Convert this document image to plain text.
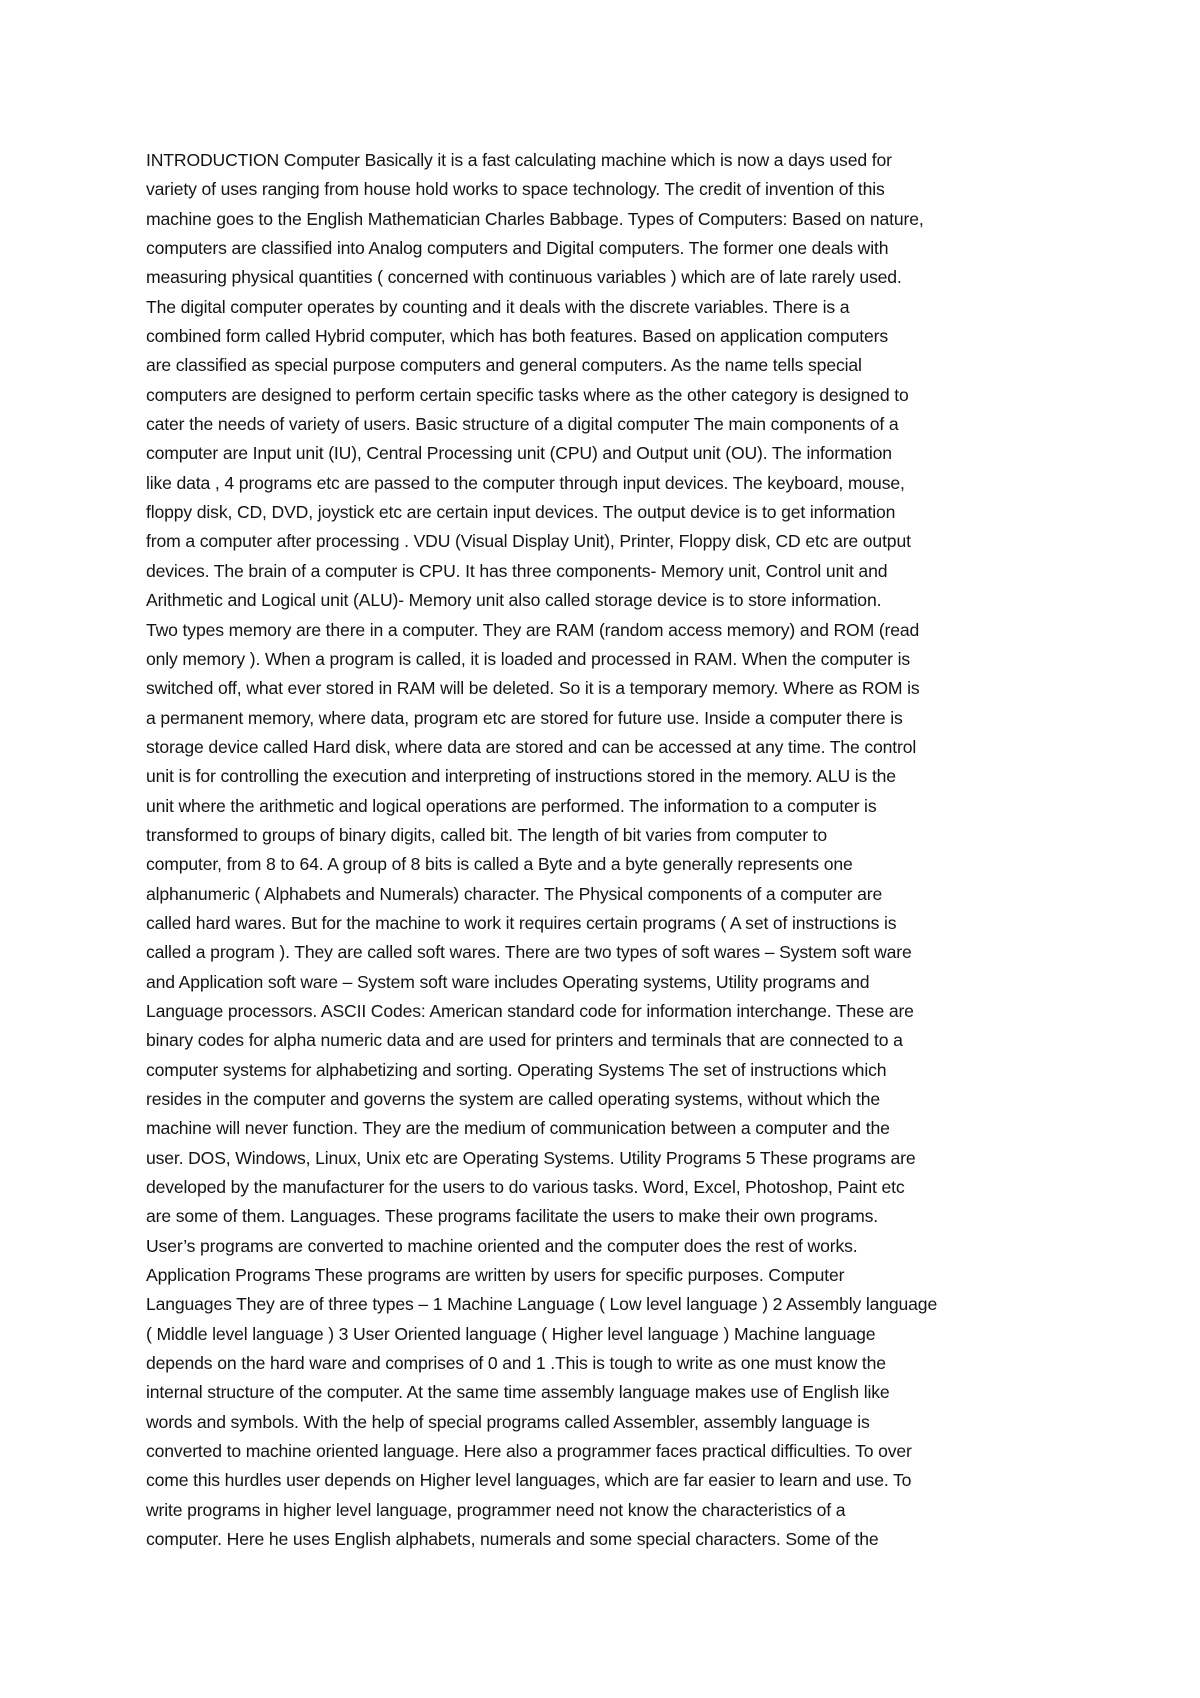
INTRODUCTION Computer Basically it is a fast calculating machine which is now a days used for
variety of uses ranging from house hold works to space technology. The credit of invention of this
machine goes to the English Mathematician Charles Babbage. Types of Computers: Based on nature,
computers are classified into Analog computers and Digital computers. The former one deals with
measuring physical quantities ( concerned with continuous variables ) which are of late rarely used.
The digital computer operates by counting and it deals with the discrete variables. There is a
combined form called Hybrid computer, which has both features. Based on application computers
are classified as special purpose computers and general computers. As the name tells special
computers are designed to perform certain specific tasks where as the other category is designed to
cater the needs of variety of users. Basic structure of a digital computer The main components of a
computer are Input unit (IU), Central Processing unit (CPU) and Output unit (OU). The information
like data , 4 programs etc are passed to the computer through input devices. The keyboard, mouse,
floppy disk, CD, DVD, joystick etc are certain input devices. The output device is to get information
from a computer after processing . VDU (Visual Display Unit), Printer, Floppy disk, CD etc are output
devices. The brain of a computer is CPU. It has three components- Memory unit, Control unit and
Arithmetic and Logical unit (ALU)- Memory unit also called storage device is to store information.
Two types memory are there in a computer. They are RAM (random access memory) and ROM (read
only memory ). When a program is called, it is loaded and processed in RAM. When the computer is
switched off, what ever stored in RAM will be deleted. So it is a temporary memory. Where as ROM is
a permanent memory, where data, program etc are stored for future use. Inside a computer there is
storage device called Hard disk, where data are stored and can be accessed at any time. The control
unit is for controlling the execution and interpreting of instructions stored in the memory. ALU is the
unit where the arithmetic and logical operations are performed. The information to a computer is
transformed to groups of binary digits, called bit. The length of bit varies from computer to
computer, from 8 to 64. A group of 8 bits is called a Byte and a byte generally represents one
alphanumeric ( Alphabets and Numerals) character. The Physical components of a computer are
called hard wares. But for the machine to work it requires certain programs ( A set of instructions is
called a program ). They are called soft wares. There are two types of soft wares – System soft ware
and Application soft ware – System soft ware includes Operating systems, Utility programs and
Language processors. ASCII Codes: American standard code for information interchange. These are
binary codes for alpha numeric data and are used for printers and terminals that are connected to a
computer systems for alphabetizing and sorting. Operating Systems The set of instructions which
resides in the computer and governs the system are called operating systems, without which the
machine will never function. They are the medium of communication between a computer and the
user. DOS, Windows, Linux, Unix etc are Operating Systems. Utility Programs 5 These programs are
developed by the manufacturer for the users to do various tasks. Word, Excel, Photoshop, Paint etc
are some of them. Languages. These programs facilitate the users to make their own programs.
User’s programs are converted to machine oriented and the computer does the rest of works.
Application Programs These programs are written by users for specific purposes. Computer
Languages They are of three types – 1 Machine Language ( Low level language ) 2 Assembly language
( Middle level language ) 3 User Oriented language ( Higher level language ) Machine language
depends on the hard ware and comprises of 0 and 1 .This is tough to write as one must know the
internal structure of the computer. At the same time assembly language makes use of English like
words and symbols. With the help of special programs called Assembler, assembly language is
converted to machine oriented language. Here also a programmer faces practical difficulties. To over
come this hurdles user depends on Higher level languages, which are far easier to learn and use. To
write programs in higher level language, programmer need not know the characteristics of a
computer. Here he uses English alphabets, numerals and some special characters. Some of the
